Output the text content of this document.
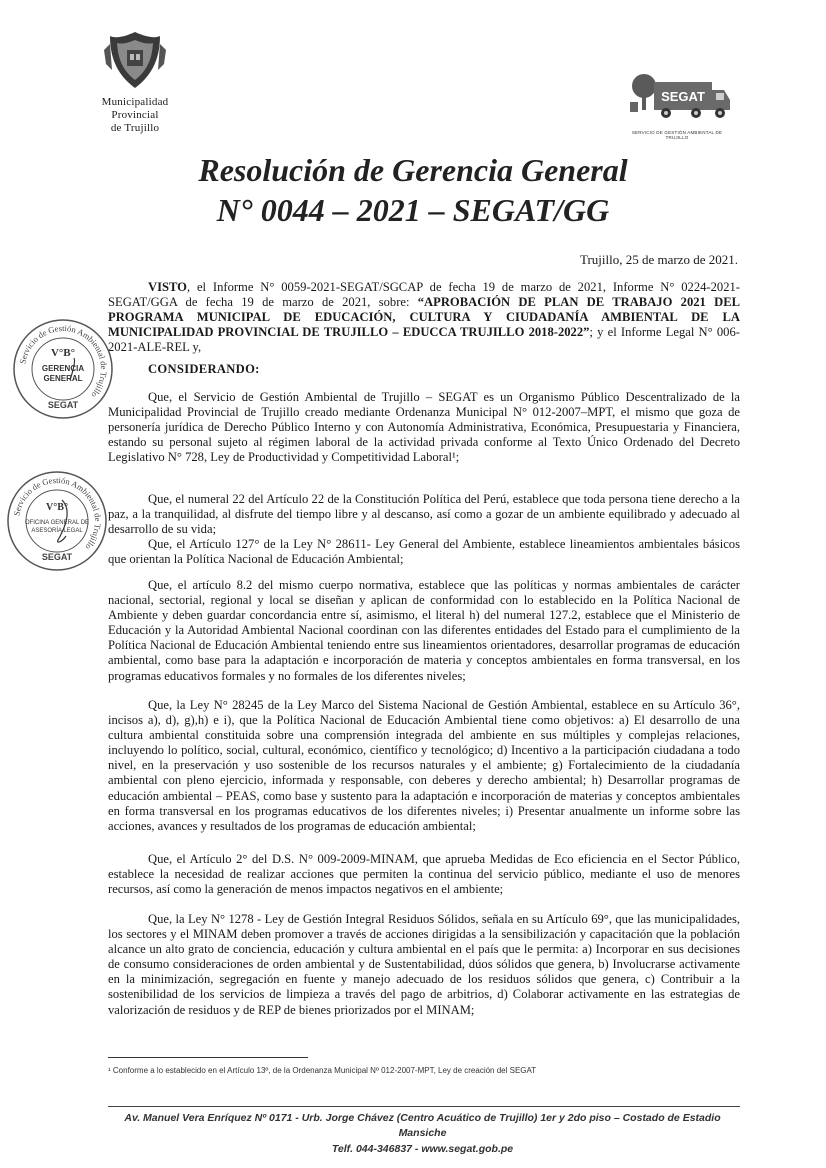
Municipalidad Provincial
de Trujillo
SEGAT
SERVICIO DE GESTIÓN AMBIENTAL DE TRUJILLO
Resolución de Gerencia General
N° 0044 – 2021 – SEGAT/GG
Trujillo, 25 de marzo de 2021.

VISTO, el Informe N° 0059-2021-SEGAT/SGCAP de fecha 19 de marzo de 2021, Informe N° 0224-2021-SEGAT/GGA de fecha 19 de marzo de 2021, sobre: “APROBACIÓN DE PLAN DE TRABAJO 2021 DEL PROGRAMA MUNICIPAL DE EDUCACIÓN, CULTURA Y CIUDADANÍA AMBIENTAL DE LA MUNICIPALIDAD PROVINCIAL DE TRUJILLO – EDUCCA TRUJILLO 2018-2022”; y el Informe Legal N° 006-2021-ALE-REL y,

CONSIDERANDO:

Que, el Servicio de Gestión Ambiental de Trujillo – SEGAT es un Organismo Público Descentralizado de la Municipalidad Provincial de Trujillo creado mediante Ordenanza Municipal N° 012-2007–MPT, el mismo que goza de personería jurídica de Derecho Público Interno y con Autonomía Administrativa, Económica, Presupuestaria y Financiera, estando su personal sujeto al régimen laboral de la actividad privada conforme al Texto Único Ordenado del Decreto Legislativo N° 728, Ley de Productividad y Competitividad Laboral¹;

Que, el numeral 22 del Artículo 22 de la Constitución Política del Perú, establece que toda persona tiene derecho a la paz, a la tranquilidad, al disfrute del tiempo libre y al descanso, así como a gozar de un ambiente equilibrado y adecuado al desarrollo de su vida;

Que, el Artículo 127° de la Ley N° 28611- Ley General del Ambiente, establece lineamientos ambientales básicos que orientan la Política Nacional de Educación Ambiental;

Que, el artículo 8.2 del mismo cuerpo normativa, establece que las políticas y normas ambientales de carácter nacional, sectorial, regional y local se diseñan y aplican de conformidad con lo establecido en la Política Nacional de Ambiente y deben guardar concordancia entre sí, asimismo, el literal h) del numeral 127.2, establece que el Ministerio de Educación y la Autoridad Ambiental Nacional coordinan con las diferentes entidades del Estado para el cumplimiento de la Política Nacional de Educación Ambiental teniendo entre sus lineamientos orientadores, desarrollar programas de educación ambiental, como base para la adaptación e incorporación de materia y conceptos ambientales en forma transversal, en los programas educativos formales y no formales de los diferentes niveles;

Que, la Ley N° 28245 de la Ley Marco del Sistema Nacional de Gestión Ambiental, establece en su Artículo 36°, incisos a), d), g),h) e i), que la Política Nacional de Educación Ambiental tiene como objetivos: a) El desarrollo de una cultura ambiental constituida sobre una comprensión integrada del ambiente en sus múltiples y complejas relaciones, incluyendo lo político, social, cultural, económico, científico y tecnológico; d) Incentivo a la participación ciudadana a todo nivel, en la preservación y uso sostenible de los recursos naturales y el ambiente; g) Fortalecimiento de la ciudadanía ambiental con pleno ejercicio, informada y responsable, con deberes y derecho ambiental; h) Desarrollar programas de educación ambiental – PEAS, como base y sustento para la adaptación e incorporación de materias y conceptos ambientales en forma transversal en los programas educativos de los diferentes niveles; i) Presentar anualmente un informe sobre las acciones, avances y resultados de los programas de educación ambiental;

Que, el Artículo 2° del D.S. N° 009-2009-MINAM, que aprueba Medidas de Eco eficiencia en el Sector Público, establece la necesidad de realizar acciones que permiten la continua del servicio público, mediante el uso de menores recursos, así como la generación de menos impactos negativos en el ambiente;

Que, la Ley N° 1278 - Ley de Gestión Integral Residuos Sólidos, señala en su Artículo 69°, que las municipalidades, los sectores y el MINAM deben promover a través de acciones dirigidas a la sensibilización y capacitación que la población alcance un alto grato de conciencia, educación y cultura ambiental en el país que le permita: a) Incorporar en sus decisiones de consumo consideraciones de orden ambiental y de Sustentabilidad, dúos sólidos que genera, b) Involucrarse activamente en la minimización, segregación en fuente y manejo adecuado de los residuos sólidos que genera, c) Contribuir a la sostenibilidad de los servicios de limpieza a través del pago de arbitrios, d) Colaborar activamente en las estrategias de valorización de residuos y de REP de bienes priorizados por el MINAM;

Servicio de Gestión Ambiental de Trujillo
V°B°
GERENCIA
GENERAL
SEGAT
Servicio de Gestión Ambiental de Trujillo
V°B°
OFICINA GENERAL DE
ASESORÍA LEGAL
SEGAT
¹ Conforme a lo establecido en el Artículo 13º, de la Ordenanza Municipal Nº 012-2007-MPT, Ley de creación del SEGAT
Av. Manuel Vera Enríquez Nº 0171 - Urb. Jorge Chávez (Centro Acuático de Trujillo) 1er y 2do piso – Costado de Estadio Mansiche
Telf. 044-346837 - www.segat.gob.pe
